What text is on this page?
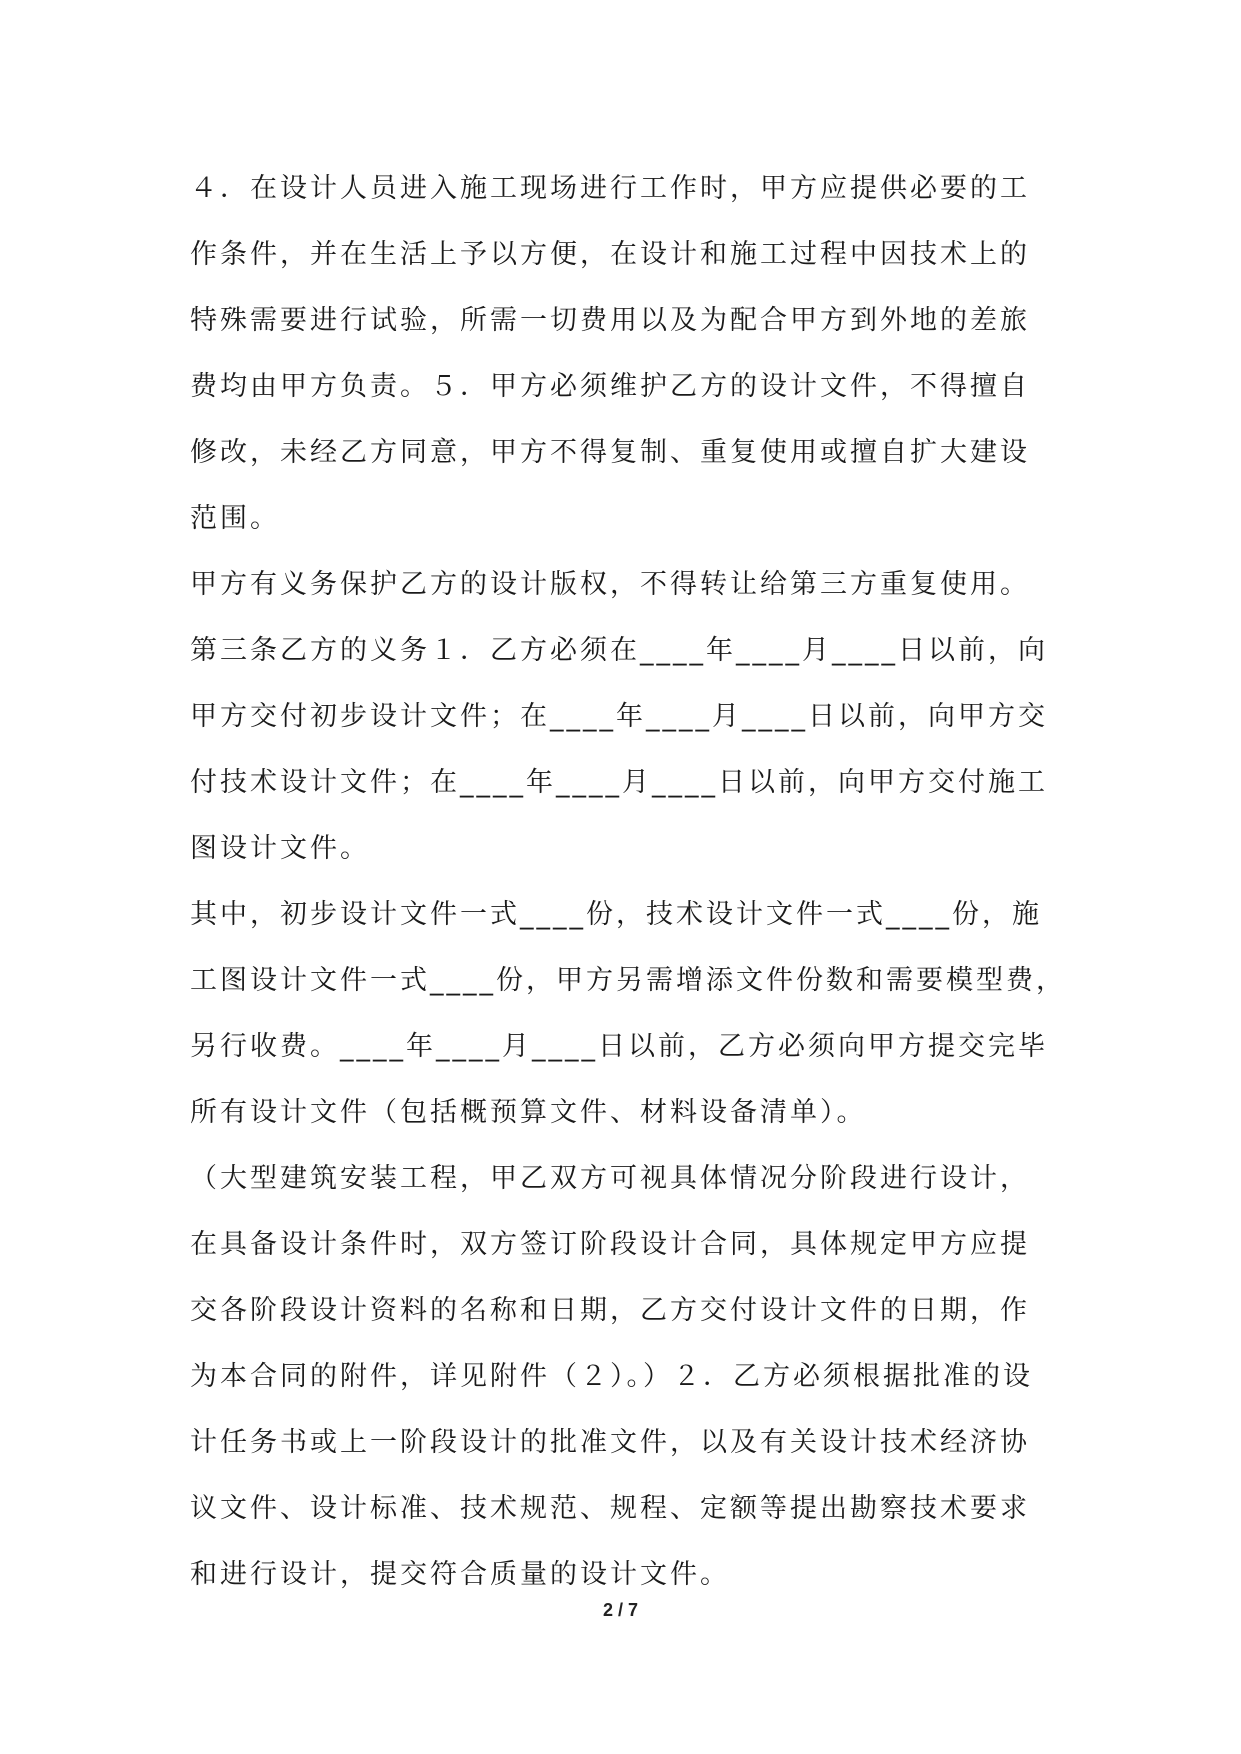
４．在设计人员进入施工现场进行工作时，甲方应提供必要的工
作条件，并在生活上予以方便，在设计和施工过程中因技术上的
特殊需要进行试验，所需一切费用以及为配合甲方到外地的差旅
费均由甲方负责。５．甲方必须维护乙方的设计文件，不得擅自
修改，未经乙方同意，甲方不得复制、重复使用或擅自扩大建设
范围。
甲方有义务保护乙方的设计版权，不得转让给第三方重复使用。
第三条乙方的义务１．乙方必须在____年____月____日以前，向
甲方交付初步设计文件；在____年____月____日以前，向甲方交
付技术设计文件；在____年____月____日以前，向甲方交付施工
图设计文件。
其中，初步设计文件一式____份，技术设计文件一式____份，施
工图设计文件一式____份，甲方另需增添文件份数和需要模型费，
另行收费。____年____月____日以前，乙方必须向甲方提交完毕
所有设计文件（包括概预算文件、材料设备清单）。
（大型建筑安装工程，甲乙双方可视具体情况分阶段进行设计，
在具备设计条件时，双方签订阶段设计合同，具体规定甲方应提
交各阶段设计资料的名称和日期，乙方交付设计文件的日期，作
为本合同的附件，详见附件（２）。）２．乙方必须根据批准的设
计任务书或上一阶段设计的批准文件，以及有关设计技术经济协
议文件、设计标准、技术规范、规程、定额等提出勘察技术要求
和进行设计，提交符合质量的设计文件。
2 / 7
